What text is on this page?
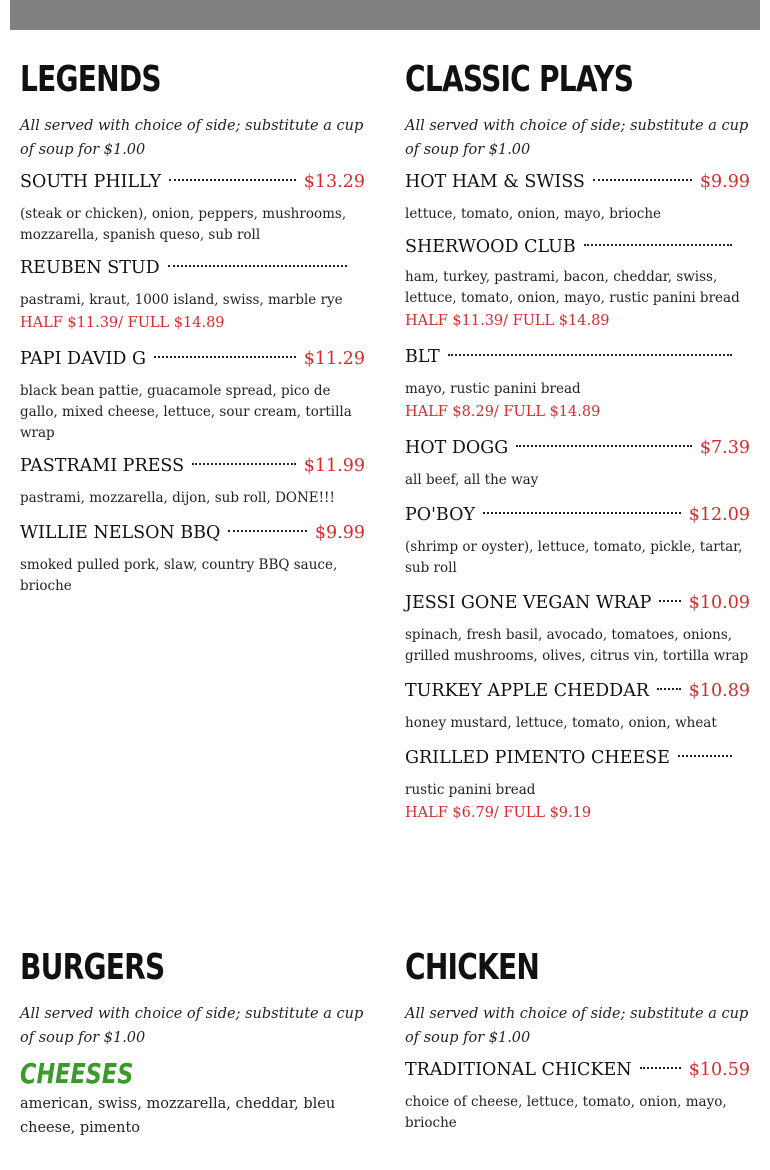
LEGENDS
All served with choice of side; substitute a cup of soup for $1.00
SOUTH PHILLY	$13.29
(steak or chicken), onion, peppers, mushrooms, mozzarella, spanish queso, sub roll
REUBEN STUD
pastrami, kraut, 1000 island, swiss, marble rye
HALF $11.39/ FULL $14.89
PAPI DAVID G	$11.29
black bean pattie, guacamole spread, pico de gallo, mixed cheese, lettuce, sour cream, tortilla wrap
PASTRAMI PRESS	$11.99
pastrami, mozzarella, dijon, sub roll, DONE!!!
WILLIE NELSON BBQ	$9.99
smoked pulled pork, slaw, country BBQ sauce, brioche
CLASSIC PLAYS
All served with choice of side; substitute a cup of soup for $1.00
HOT HAM & SWISS	$9.99
lettuce, tomato, onion, mayo, brioche
SHERWOOD CLUB
ham, turkey, pastrami, bacon, cheddar, swiss, lettuce, tomato, onion, mayo, rustic panini bread
HALF $11.39/ FULL $14.89
BLT
mayo, rustic panini bread
HALF $8.29/ FULL $14.89
HOT DOGG	$7.39
all beef, all the way
PO'BOY	$12.09
(shrimp or oyster), lettuce, tomato, pickle, tartar, sub roll
JESSI GONE VEGAN WRAP $10.09
spinach, fresh basil, avocado, tomatoes, onions, grilled mushrooms, olives, citrus vin, tortilla wrap
TURKEY APPLE CHEDDAR $10.89
honey mustard, lettuce, tomato, onion, wheat
GRILLED PIMENTO CHEESE
rustic panini bread
HALF $6.79/ FULL $9.19
BURGERS
All served with choice of side; substitute a cup of soup for $1.00
CHEESES
american, swiss, mozzarella, cheddar, bleu cheese, pimento
CHICKEN
All served with choice of side; substitute a cup of soup for $1.00
TRADITIONAL CHICKEN	$10.59
choice of cheese, lettuce, tomato, onion, mayo, brioche
